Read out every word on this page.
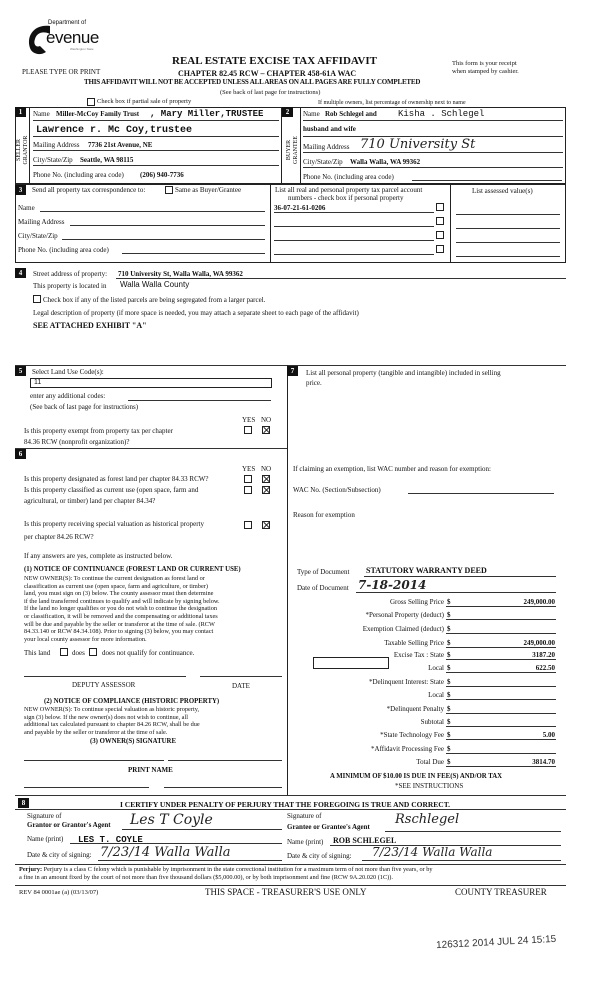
Department of
evenue
Washington State
PLEASE TYPE OR PRINT
REAL ESTATE EXCISE TAX AFFIDAVIT
CHAPTER 82.45 RCW – CHAPTER 458-61A WAC
THIS AFFIDAVIT WILL NOT BE ACCEPTED UNLESS ALL AREAS ON ALL PAGES ARE FULLY COMPLETED
(See back of last page for instructions)
This form is your receipt
when stamped by cashier.
Check box if partial sale of property	If multiple owners, list percentage of ownership next to name
1	2
SELLER GRANTOR	BUYER GRANTEE
Name Miller-McCoy Family Trust , Mary Miller,TRUSTEE
Lawrence r. Mc Coy,trustee
Mailing Address 7736 21st Avenue, NE
City/State/Zip Seattle, WA 98115
Phone No. (including area code) (206) 940-7736
Name Rob Schlegel and Kisha . Schlegel
husband and wife
Mailing Address 710 University St
City/State/Zip Walla Walla, WA 99362
Phone No. (including area code)
3	Send all property tax correspondence to:	Same as Buyer/Grantee
Name
Mailing Address
City/State/Zip
Phone No. (including area code)
List all real and personal property tax parcel account
numbers - check box if personal property
List assessed value(s)
36-07-21-61-0206
4	Street address of property: 710 University St, Walla Walla, WA 99362
This property is located in Walla Walla County
Check box if any of the listed parcels are being segregated from a larger parcel.
Legal description of property (if more space is needed, you may attach a separate sheet to each page of the affidavit)
SEE ATTACHED EXHIBIT "A"
5	Select Land Use Code(s):
11
enter any additional codes:
(See back of last page for instructions)
YES NO
Is this property exempt from property tax per chapter
84.36 RCW (nonprofit organization)?
6
YES NO
Is this property designated as forest land per chapter 84.33 RCW?
Is this property classified as current use (open space, farm and
agricultural, or timber) land per chapter 84.34?
Is this property receiving special valuation as historical property
per chapter 84.26 RCW?
If any answers are yes, complete as instructed below.
(1) NOTICE OF CONTINUANCE (FOREST LAND OR CURRENT USE)
NEW OWNER(S): To continue the current designation as forest land or
classification as current use (open space, farm and agriculture, or timber)
land, you must sign on (3) below. The county assessor must then determine
if the land transferred continues to qualify and will indicate by signing below.
If the land no longer qualifies or you do not wish to continue the designation
or classification, it will be removed and the compensating or additional taxes
will be due and payable by the seller or transferor at the time of sale. (RCW
84.33.140 or RCW 84.34.108). Prior to signing (3) below, you may contact
your local county assessor for more information.
This land	does does not qualify for continuance.
DEPUTY ASSESSOR	DATE
(2) NOTICE OF COMPLIANCE (HISTORIC PROPERTY)
NEW OWNER(S): To continue special valuation as historic property,
sign (3) below. If the new owner(s) does not wish to continue, all
additional tax calculated pursuant to chapter 84.26 RCW, shall be due
and payable by the seller or transferor at the time of sale.
(3) OWNER(S) SIGNATURE
PRINT NAME
7	List all personal property (tangible and intangible) included in selling
price.
If claiming an exemption, list WAC number and reason for exemption:
WAC No. (Section/Subsection)
Reason for exemption
Type of Document STATUTORY WARRANTY DEED
Date of Document 7-18-2014
Gross Selling Price $	249,000.00
*Personal Property (deduct) $
Exemption Claimed (deduct) $
Taxable Selling Price $	249,000.00
Excise Tax : State $	3187.20
Local $	622.50
*Delinquent Interest: State $
Local $
*Delinquent Penalty $
Subtotal $
*State Technology Fee $	5.00
*Affidavit Processing Fee $
Total Due $	3814.70
A MINIMUM OF $10.00 IS DUE IN FEE(S) AND/OR TAX
*SEE INSTRUCTIONS
8	I CERTIFY UNDER PENALTY OF PERJURY THAT THE FOREGOING IS TRUE AND CORRECT.
Signature of
Grantor or Grantor's Agent Les T Coyle
Name (print) LES T. COYLE
Date & city of signing: 7/23/14 Walla Walla
Signature of
Grantee or Grantee's Agent Rschlegel
Name (print) ROB SCHLEGEL
Date & city of signing: 7/23/14 Walla Walla
Perjury: Perjury is a class C felony which is punishable by imprisonment in the state correctional institution for a maximum term of not more than five years, or by
a fine in an amount fixed by the court of not more than five thousand dollars ($5,000.00), or by both imprisonment and fine (RCW 9A.20.020 (1C)).
REV 84 0001ae (a) (03/13/07)	THIS SPACE - TREASURER'S USE ONLY	COUNTY TREASURER
126312 2014 JUL 24 15:15
